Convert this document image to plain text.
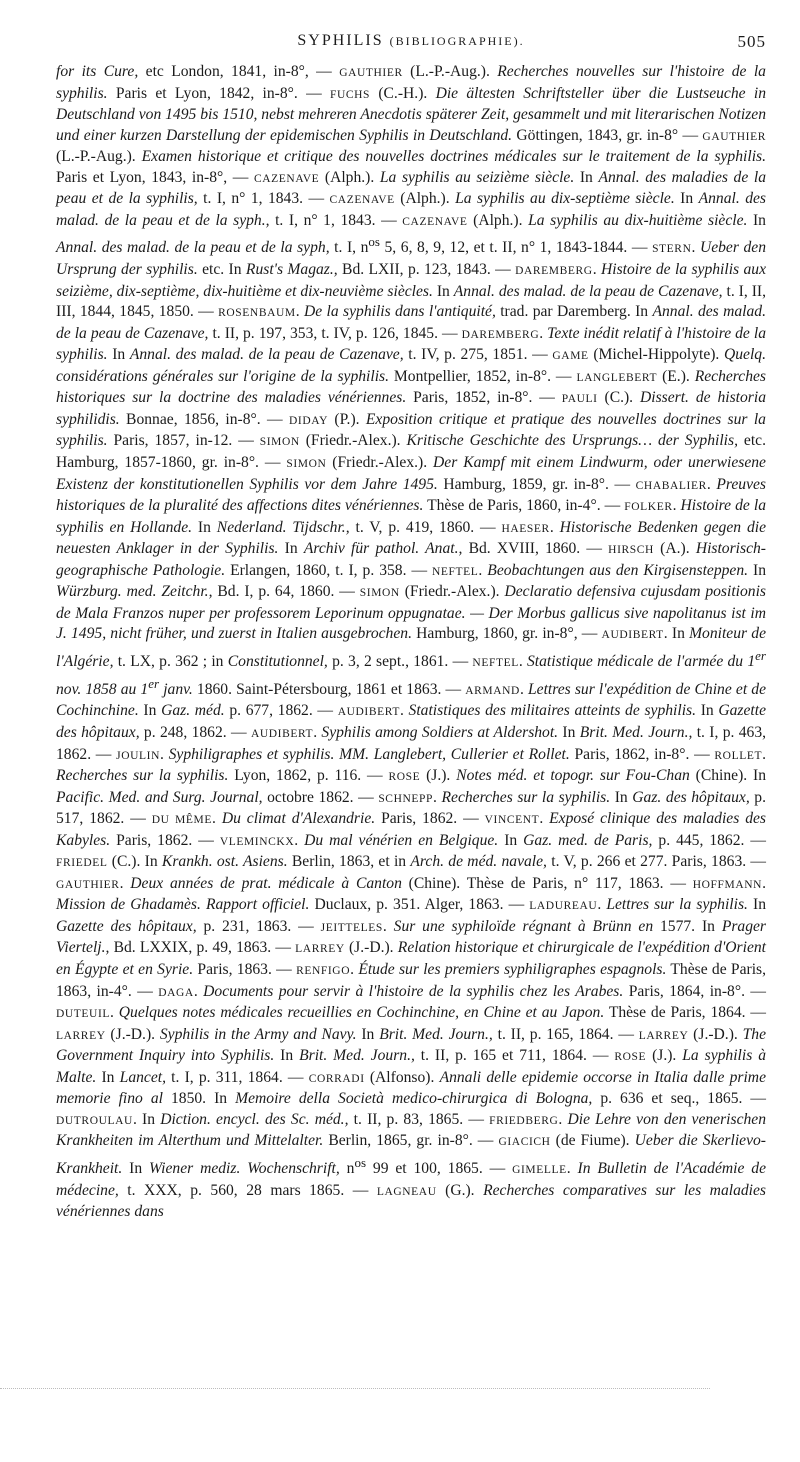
SYPHILIS (BIBLIOGRAPHIE).	505

for its Cure, etc London, 1841, in-8°, — GAUTHIER (L.-P.-Aug.). Recherches nouvelles sur l'histoire de la syphilis. Paris et Lyon, 1842, in-8°. — FUCHS (C.-H.). Die ältesten Schriftsteller über die Lustseuche in Deutschland von 1495 bis 1510, nebst mehreren Anecdotis späterer Zeit, gesammelt und mit literarischen Notizen und einer kurzen Darstellung der epidemischen Syphilis in Deutschland. Göttingen, 1843, gr. in-8° — GAUTHIER (L.-P.-Aug.). Examen historique et critique des nouvelles doctrines médicales sur le traitement de la syphilis. Paris et Lyon, 1843, in-8°, — CAZENAVE (Alph.). La syphilis au seizième siècle. In Annal. des maladies de la peau et de la syphilis, t. I, n° 1, 1843. — CAZENAVE (Alph.). La syphilis au dix-septième siècle. In Annal. des malad. de la peau et de la syph., t. I, n° 1, 1843. — CAZENAVE (Alph.). La syphilis au dix-huitième siècle. In Annal. des malad. de la peau et de la syph, t. I, $n^{os}$ 5, 6, 8, 9, 12, et t. II, n° 1, 1843-1844. — STERN. Ueber den Ursprung der syphilis. etc. In Rust's Magaz., Bd. LXII, p. 123, 1843. — DAREMBERG. Histoire de la syphilis aux seizième, dix-septième, dix-huitième et dix-neuvième siècles. In Annal. des malad. de la peau de Cazenave, t. I, II, III, 1844, 1845, 1850. — ROSENBAUM. De la syphilis dans l'antiquité, trad. par Daremberg. In Annal. des malad. de la peau de Cazenave, t. II, p. 197, 353, t. IV, p. 126, 1845. — DAREMBERG. Texte inédit relatif à l'histoire de la syphilis. In Annal. des malad. de la peau de Cazenave, t. IV, p. 275, 1851. — GAME (Michel-Hippolyte). Quelq. considérations générales sur l'origine de la syphilis. Montpellier, 1852, in-8°. — LANGLEBERT (E.). Recherches historiques sur la doctrine des maladies vénériennes. Paris, 1852, in-8°. — PAULI (C.). Dissert. de historia syphilidis. Bonnae, 1856, in-8°. — DIDAY (P.). Exposition critique et pratique des nouvelles doctrines sur la syphilis. Paris, 1857, in-12. — SIMON (Friedr.-Alex.). Kritische Geschichte des Ursprungs… der Syphilis, etc. Hamburg, 1857-1860, gr. in-8°. — SIMON (Friedr.-Alex.). Der Kampf mit einem Lindwurm, oder unerwiesene Existenz der konstitutionellen Syphilis vor dem Jahre 1495. Hamburg, 1859, gr. in-8°. — CHABALIER. Preuves historiques de la pluralité des affections dites vénériennes. Thèse de Paris, 1860, in-4°. — FOLKER. Histoire de la syphilis en Hollande. In Nederland. Tijdschr., t. V, p. 419, 1860. — HAESER. Historische Bedenken gegen die neuesten Anklager in der Syphilis. In Archiv für pathol. Anat., Bd. XVIII, 1860. — HIRSCH (A.). Historisch-geographische Pathologie. Erlangen, 1860, t. I, p. 358. — NEFTEL. Beobachtungen aus den Kirgisensteppen. In Würzburg. med. Zeitchr., Bd. I, p. 64, 1860. — SIMON (Friedr.-Alex.). Declaratio defensiva cujusdam positionis de Mala Franzos nuper per professorem Leporinum oppugnatae. — Der Morbus gallicus sive napolitanus ist im J. 1495, nicht früher, und zuerst in Italien ausgebrochen. Hamburg, 1860, gr. in-8°, — AUDIBERT. In Moniteur de l'Algérie, t. LX, p. 362 ; in Constitutionnel, p. 3, 2 sept., 1861. — NEFTEL. Statistique médicale de l'armée du 1er nov. 1858 au 1er janv. 1860. Saint-Pétersbourg, 1861 et 1863. — ARMAND. Lettres sur l'expédition de Chine et de Cochinchine. In Gaz. méd. p. 677, 1862. — AUDIBERT. Statistiques des militaires atteints de syphilis. In Gazette des hôpitaux, p. 248, 1862. — AUDIBERT. Syphilis among Soldiers at Aldershot. In Brit. Med. Journ., t. I, p. 463, 1862. — JOULIN. Syphiligraphes et syphilis. MM. Langlebert, Cullerier et Rollet. Paris, 1862, in-8°. — ROLLET. Recherches sur la syphilis. Lyon, 1862, p. 116. — ROSE (J.). Notes méd. et topogr. sur Fou-Chan (Chine). In Pacific. Med. and Surg. Journal, octobre 1862. — SCHNEPP. Recherches sur la syphilis. In Gaz. des hôpitaux, p. 517, 1862. — DU MÊME. Du climat d'Alexandrie. Paris, 1862. — VINCENT. Exposé clinique des maladies des Kabyles. Paris, 1862. — VLEMINCKX. Du mal vénérien en Belgique. In Gaz. med. de Paris, p. 445, 1862. — FRIEDEL (C.). In Krankh. ost. Asiens. Berlin, 1863, et in Arch. de méd. navale, t. V, p. 266 et 277. Paris, 1863. — GAUTHIER. Deux années de prat. médicale à Canton (Chine). Thèse de Paris, n° 117, 1863. — HOFFMANN. Mission de Ghadamès. Rapport officiel. Duclaux, p. 351. Alger, 1863. — LADUREAU. Lettres sur la syphilis. In Gazette des hôpitaux, p. 231, 1863. — JEITTELES. Sur une syphiloïde régnant à Brünn en 1577. In Prager Viertelj., Bd. LXXIX, p. 49, 1863. — LARREY (J.-D.). Relation historique et chirurgicale de l'expédition d'Orient en Égypte et en Syrie. Paris, 1863. — RENFIGO. Étude sur les premiers syphiligraphes espagnols. Thèse de Paris, 1863, in-4°. — DAGA. Documents pour servir à l'histoire de la syphilis chez les Arabes. Paris, 1864, in-8°. — DUTEUIL. Quelques notes médicales recueillies en Cochinchine, en Chine et au Japon. Thèse de Paris, 1864. — LARREY (J.-D.). Syphilis in the Army and Navy. In Brit. Med. Journ., t. II, p. 165, 1864. — LARREY (J.-D.). The Government Inquiry into Syphilis. In Brit. Med. Journ., t. II, p. 165 et 711, 1864. — ROSE (J.). La syphilis à Malte. In Lancet, t. I, p. 311, 1864. — CORRADI (Alfonso). Annali delle epidemie occorse in Italia dalle prime memorie fino al 1850. In Memoire della Società medico-chirurgica di Bologna, p. 636 et seq., 1865. — DUTROULAU. In Diction. encycl. des Sc. méd., t. II, p. 83, 1865. — FRIEDBERG. Die Lehre von den venerischen Krankheiten im Alterthum und Mittelalter. Berlin, 1865, gr. in-8°. — GIACICH (de Fiume). Ueber die Skerlievo-Krankheit. In Wiener mediz. Wochenschrift, $n^{os}$ 99 et 100, 1865. — GIMELLE. In Bulletin de l'Académie de médecine, t. XXX, p. 560, 28 mars 1865. — LAGNEAU (G.). Recherches comparatives sur les maladies vénériennes dans
